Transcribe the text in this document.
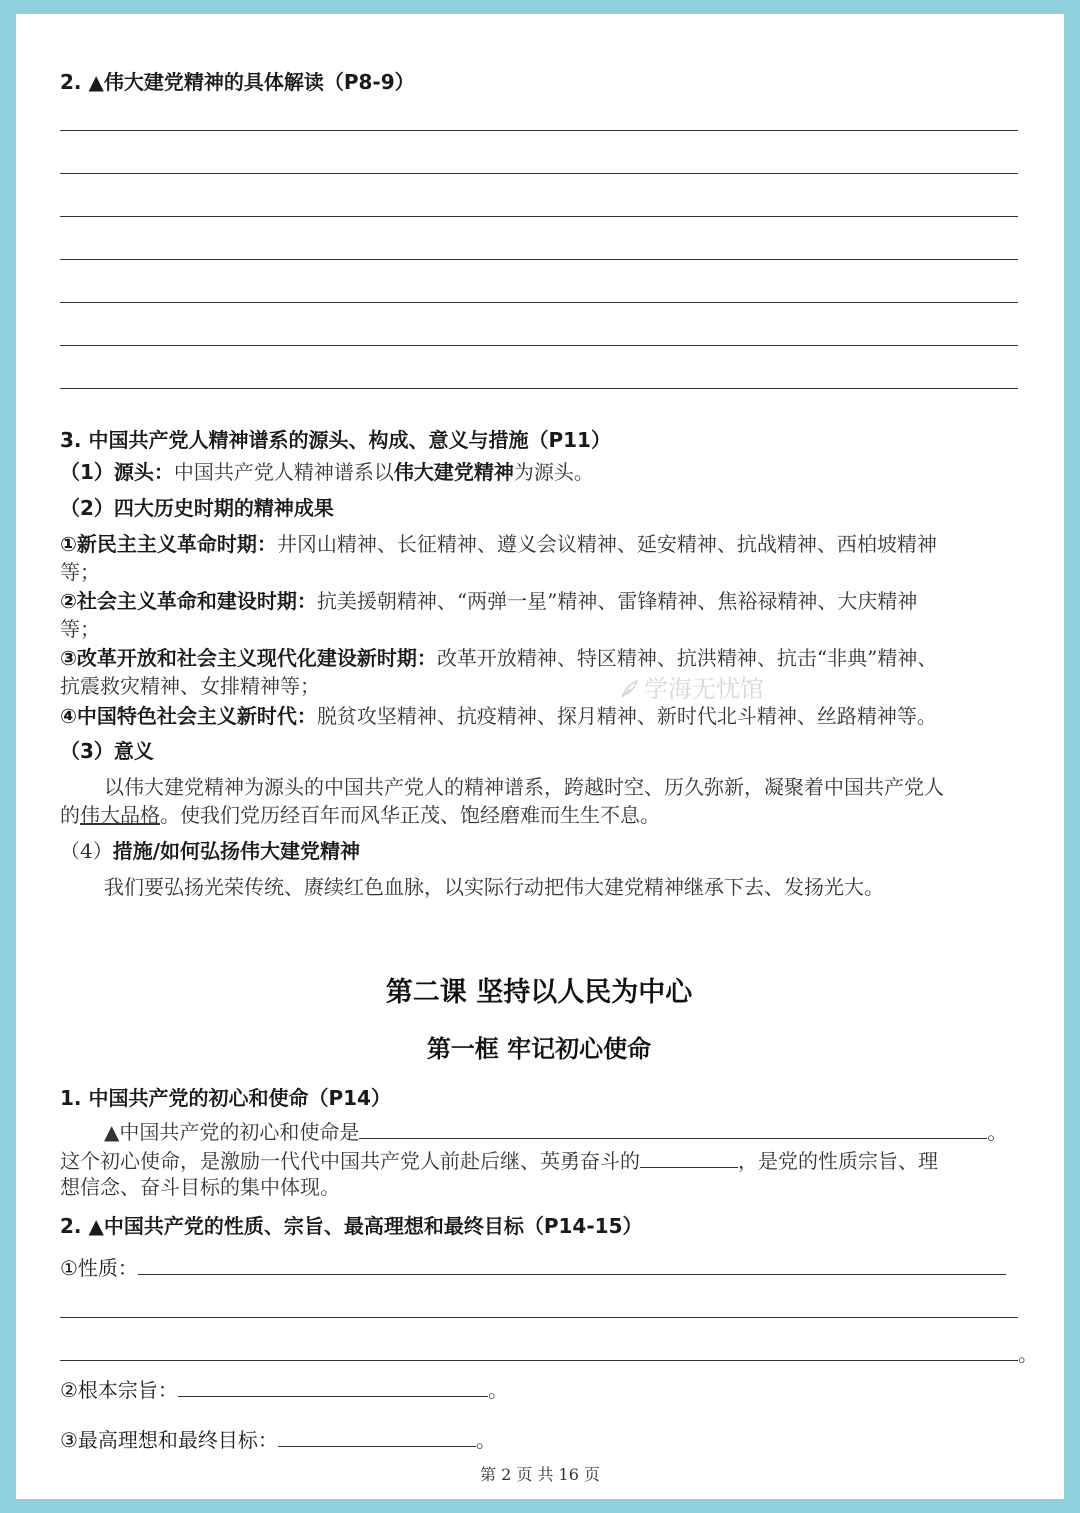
2. ▲伟大建党精神的具体解读（P8-9）
3. 中国共产党人精神谱系的源头、构成、意义与措施（P11）
（1）源头：中国共产党人精神谱系以伟大建党精神为源头。
（2）四大历史时期的精神成果
①新民主主义革命时期：井冈山精神、长征精神、遵义会议精神、延安精神、抗战精神、西柏坡精神
等；
②社会主义革命和建设时期：抗美援朝精神、“两弹一星”精神、雷锋精神、焦裕禄精神、大庆精神
等；
③改革开放和社会主义现代化建设新时期：改革开放精神、特区精神、抗洪精神、抗击“非典”精神、
抗震救灾精神、女排精神等；
④中国特色社会主义新时代：脱贫攻坚精神、抗疫精神、探月精神、新时代北斗精神、丝路精神等。
（3）意义
以伟大建党精神为源头的中国共产党人的精神谱系，跨越时空、历久弥新，凝聚着中国共产党人
的伟大品格。使我们党历经百年而风华正茂、饱经磨难而生生不息。
（4）措施/如何弘扬伟大建党精神
我们要弘扬光荣传统、赓续红色血脉，以实际行动把伟大建党精神继承下去、发扬光大。
第二课 坚持以人民为中心
第一框 牢记初心使命
1. 中国共产党的初心和使命（P14）
▲中国共产党的初心和使命是	。
这个初心使命，是激励一代代中国共产党人前赴后继、英勇奋斗的	，是党的性质宗旨、理
想信念、奋斗目标的集中体现。
2. ▲中国共产党的性质、宗旨、最高理想和最终目标（P14-15）
①性质：
。
②根本宗旨：	。
③最高理想和最终目标：	。
学海无忧馆
第 2 页 共 16 页
